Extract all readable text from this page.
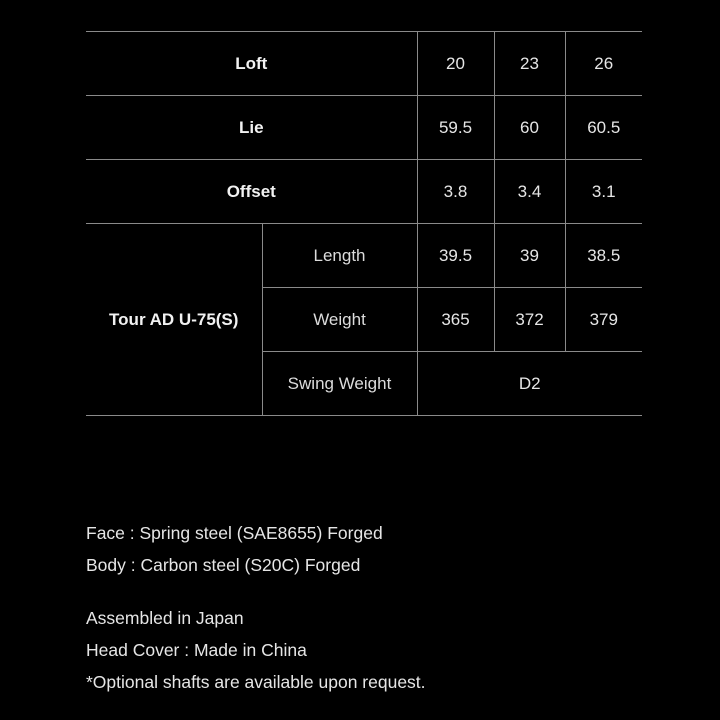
Loft		20	23	26
Lie		59.5	60	60.5
Offset		3.8	3.4	3.1
Tour AD U-75(S)	Length	39.5	39	38.5
	Weight	365	372	379
	Swing Weight	D2		
Face : Spring steel (SAE8655) Forged
Body : Carbon steel (S20C) Forged
Assembled in Japan
Head Cover : Made in China
*Optional shafts are available upon request.
